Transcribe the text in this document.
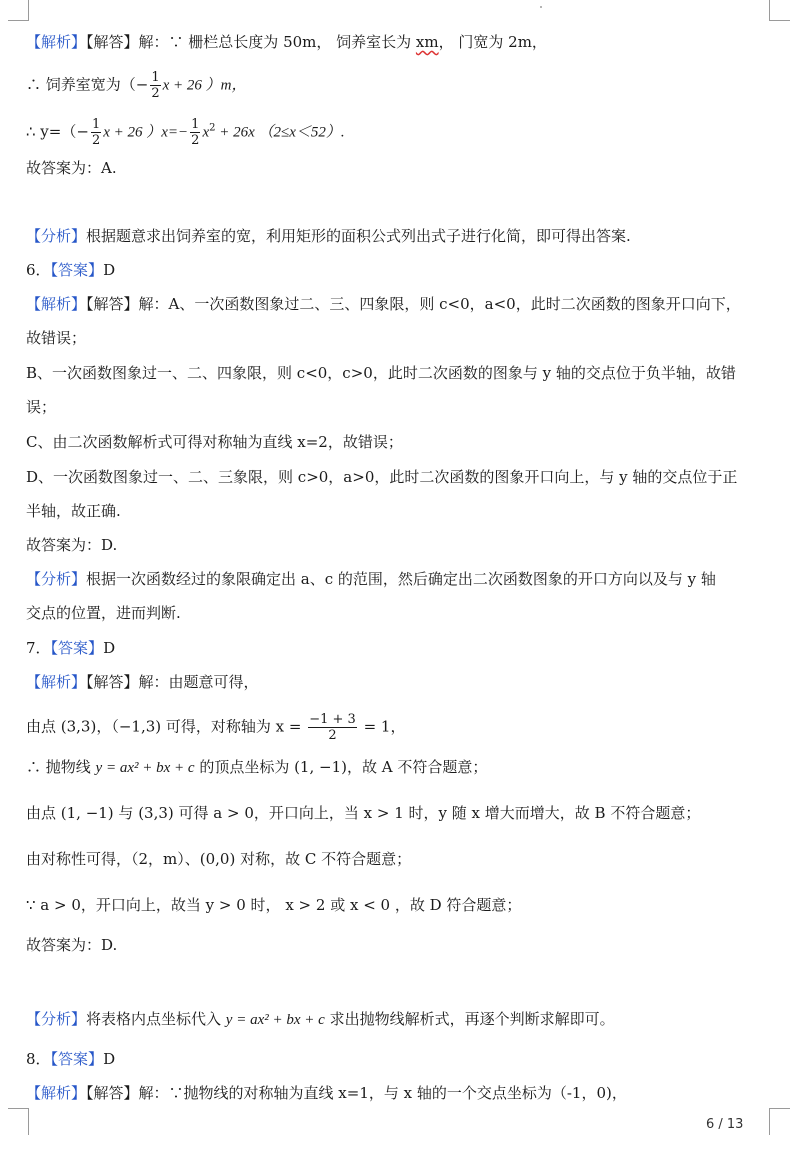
【解析】【解答】解：∵ 栅栏总长度为 50m， 饲养室长为 xm， 门宽为 2m，
∴ 饲养室宽为（− $\frac{1}{2}$ x + 26 ）m，
∴ $y=(- \frac{1}{2}$ x + 26 ）$x=- \frac{1}{2} x^2 + 26x$ （2≤x＜52）.
故答案为：A.
【分析】根据题意求出饲养室的宽，利用矩形的面积公式列出式子进行化简，即可得出答案.
6．【答案】D
【解析】【解答】解：A、一次函数图象过二、三、四象限，则 c<0，a<0，此时二次函数的图象开口向下，
故错误；
B、一次函数图象过一、二、四象限，则 c<0，c>0，此时二次函数的图象与 y 轴的交点位于负半轴，故错
误；
C、由二次函数解析式可得对称轴为直线 x=2，故错误；
D、一次函数图象过一、二、三象限，则 c>0，a>0，此时二次函数的图象开口向上，与 y 轴的交点位于正
半轴，故正确.
故答案为：D.
【分析】根据一次函数经过的象限确定出 a、c 的范围，然后确定出二次函数图象的开口方向以及与 y 轴
交点的位置，进而判断.
7．【答案】D
【解析】【解答】解：由题意可得，
由点 (3,3)，（−1,3) 可得，对称轴为 $x = \frac{-1 + 3}{2} = 1$，
∴ 抛物线 y = ax² + bx + c 的顶点坐标为 (1, −1)，故 A 不符合题意；
由点 (1, −1) 与 (3,3) 可得 a > 0，开口向上，当 x > 1 时，y 随 x 增大而增大，故 B 不符合题意；
由对称性可得，（2，m）、(0,0) 对称，故 C 不符合题意；
∵ a > 0，开口向上，故当 y > 0 时， x > 2 或 x < 0 ，故 D 符合题意；
故答案为：D.
【分析】将表格内点坐标代入 y = ax² + bx + c 求出抛物线解析式，再逐个判断求解即可。
8．【答案】D
【解析】【解答】解：∵抛物线的对称轴为直线 x=1，与 x 轴的一个交点坐标为（-1，0)，
6 / 13
